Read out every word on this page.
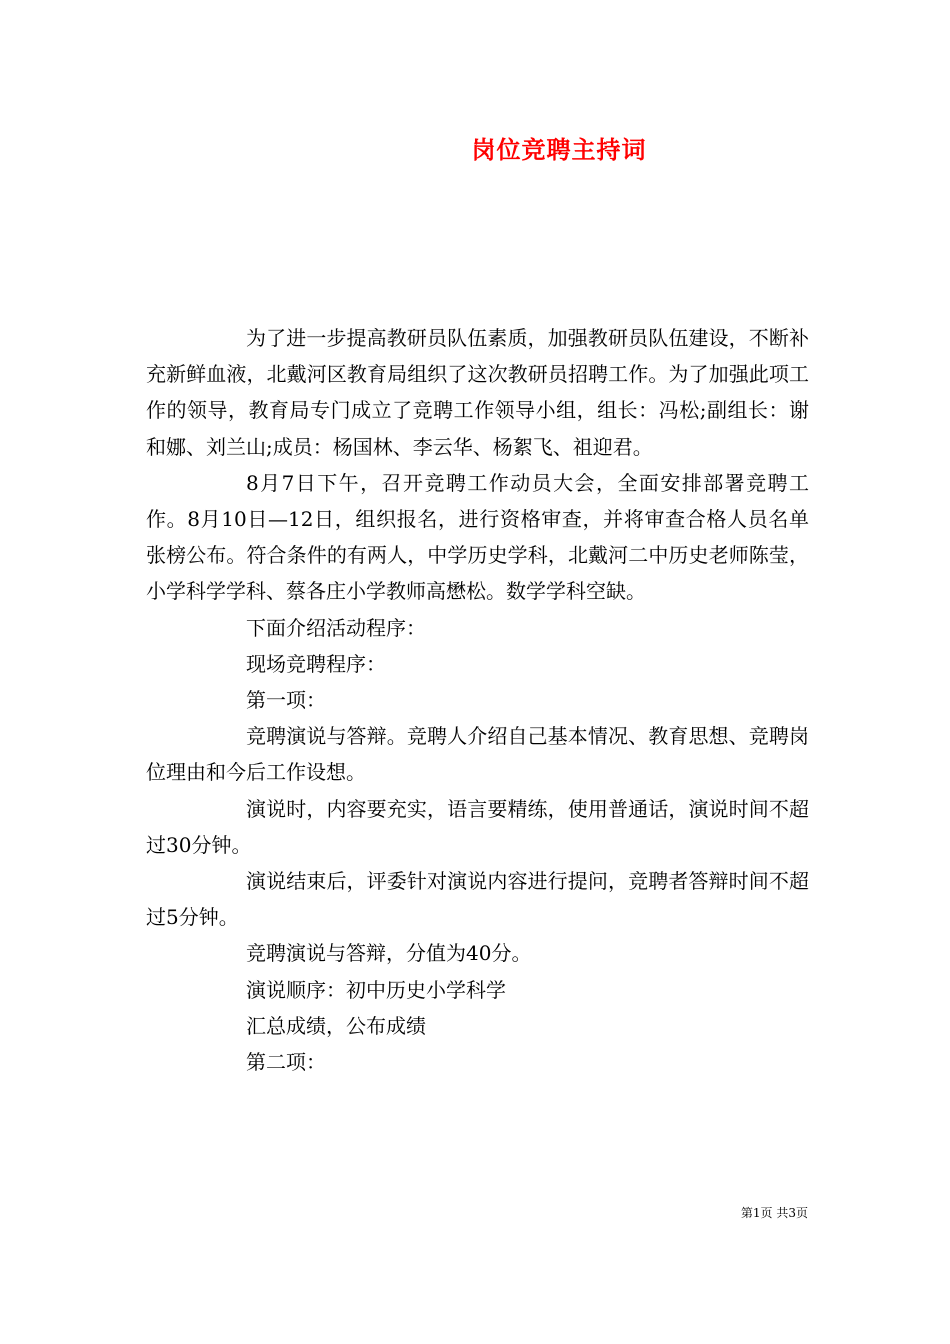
岗位竞聘主持词

为了进一步提高教研员队伍素质，加强教研员队伍建设，不断补充新鲜血液，北戴河区教育局组织了这次教研员招聘工作。为了加强此项工作的领导，教育局专门成立了竞聘工作领导小组，组长：冯松;副组长：谢和娜、刘兰山;成员：杨国林、李云华、杨絮飞、祖迎君。

8月7日下午，召开竞聘工作动员大会，全面安排部署竞聘工作。8月10日—12日，组织报名，进行资格审查，并将审查合格人员名单张榜公布。符合条件的有两人，中学历史学科，北戴河二中历史老师陈莹，小学科学学科、蔡各庄小学教师高懋松。数学学科空缺。

下面介绍活动程序：

现场竞聘程序：

第一项：

竞聘演说与答辩。竞聘人介绍自己基本情况、教育思想、竞聘岗位理由和今后工作设想。

演说时，内容要充实，语言要精练，使用普通话，演说时间不超过30分钟。

演说结束后，评委针对演说内容进行提问，竞聘者答辩时间不超过5分钟。

竞聘演说与答辩，分值为40分。

演说顺序：初中历史小学科学

汇总成绩，公布成绩

第二项：

第1页 共3页
